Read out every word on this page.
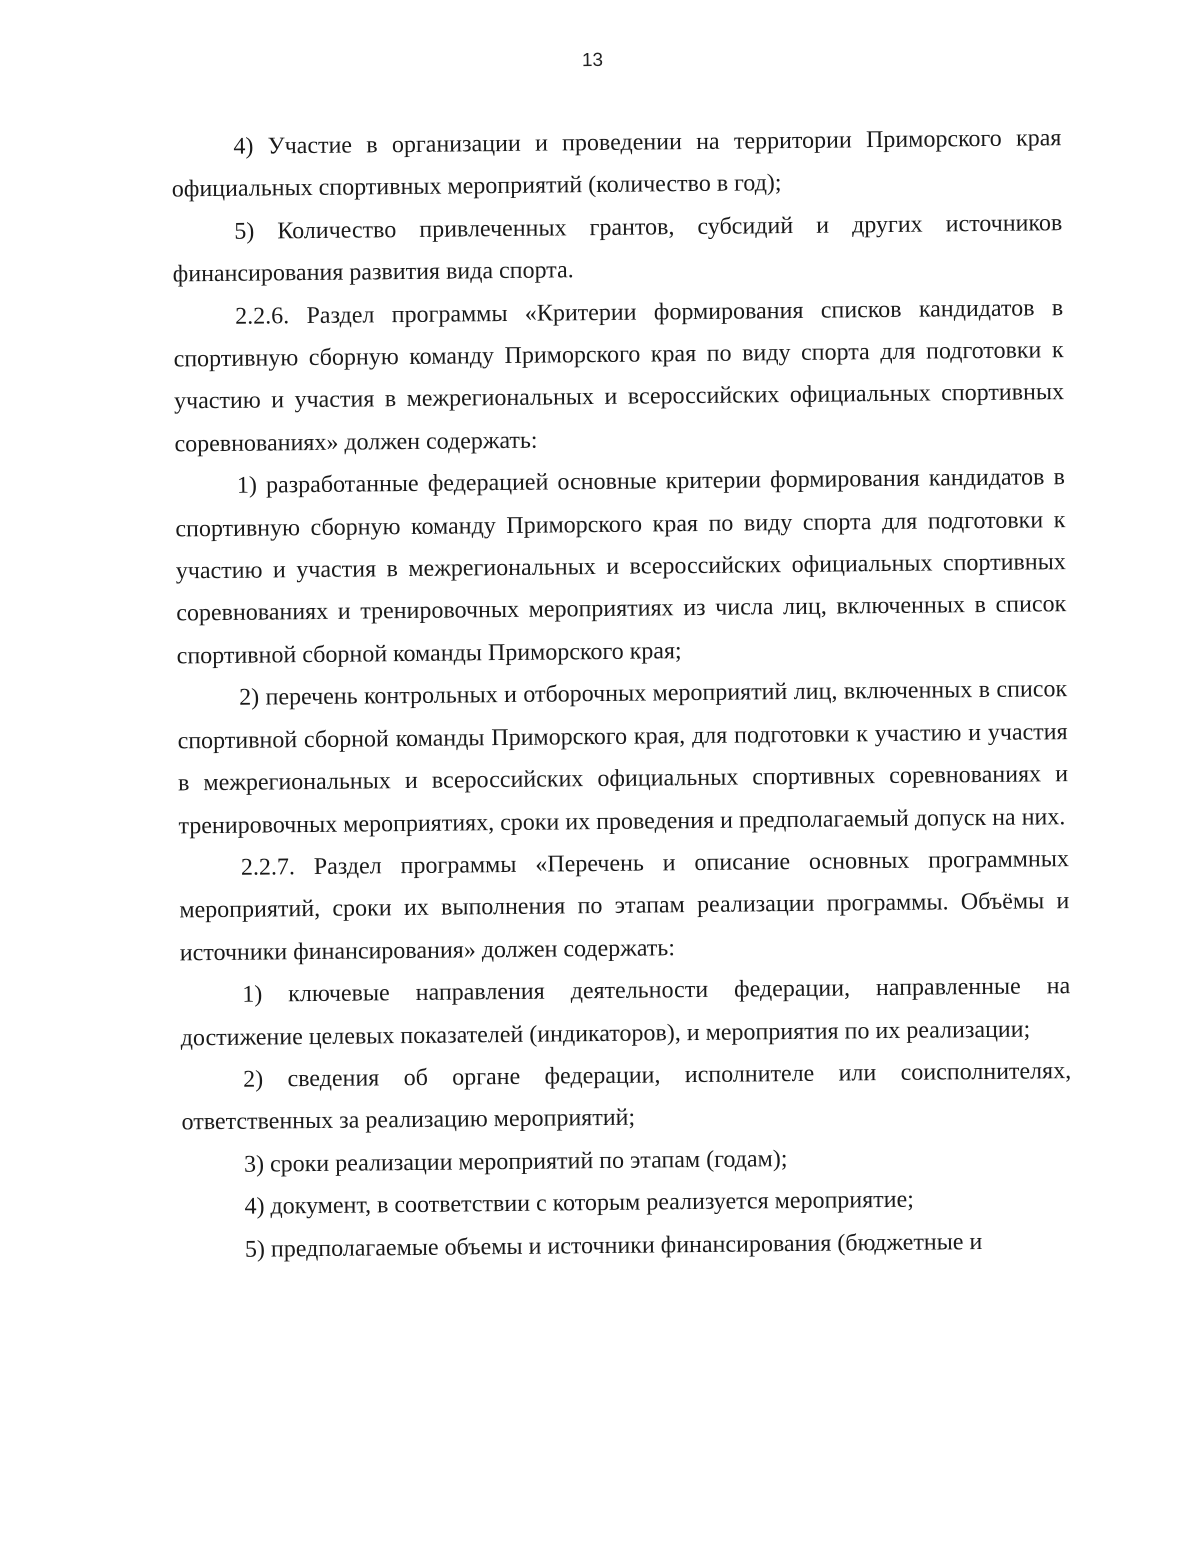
13

4) Участие в организации и проведении на территории Приморского края официальных спортивных мероприятий (количество в год);

5) Количество привлеченных грантов, субсидий и других источников финансирования развития вида спорта.

2.2.6. Раздел программы «Критерии формирования списков кандидатов в спортивную сборную команду Приморского края по виду спорта для подготовки к участию и участия в межрегиональных и всероссийских официальных спортивных соревнованиях» должен содержать:

1) разработанные федерацией основные критерии формирования кандидатов в спортивную сборную команду Приморского края по виду спорта для подготовки к участию и участия в межрегиональных и всероссийских официальных спортивных соревнованиях и тренировочных мероприятиях из числа лиц, включенных в список спортивной сборной команды Приморского края;

2) перечень контрольных и отборочных мероприятий лиц, включенных в список спортивной сборной команды Приморского края, для подготовки к участию и участия в межрегиональных и всероссийских официальных спортивных соревнованиях и тренировочных мероприятиях, сроки их проведения и предполагаемый допуск на них.

2.2.7. Раздел программы «Перечень и описание основных программных мероприятий, сроки их выполнения по этапам реализации программы. Объёмы и источники финансирования» должен содержать:

1) ключевые направления деятельности федерации, направленные на достижение целевых показателей (индикаторов), и мероприятия по их реализации;

2) сведения об органе федерации, исполнителе или соисполнителях, ответственных за реализацию мероприятий;

3) сроки реализации мероприятий по этапам (годам);

4) документ, в соответствии с которым реализуется мероприятие;

5) предполагаемые объемы и источники финансирования (бюджетные и
